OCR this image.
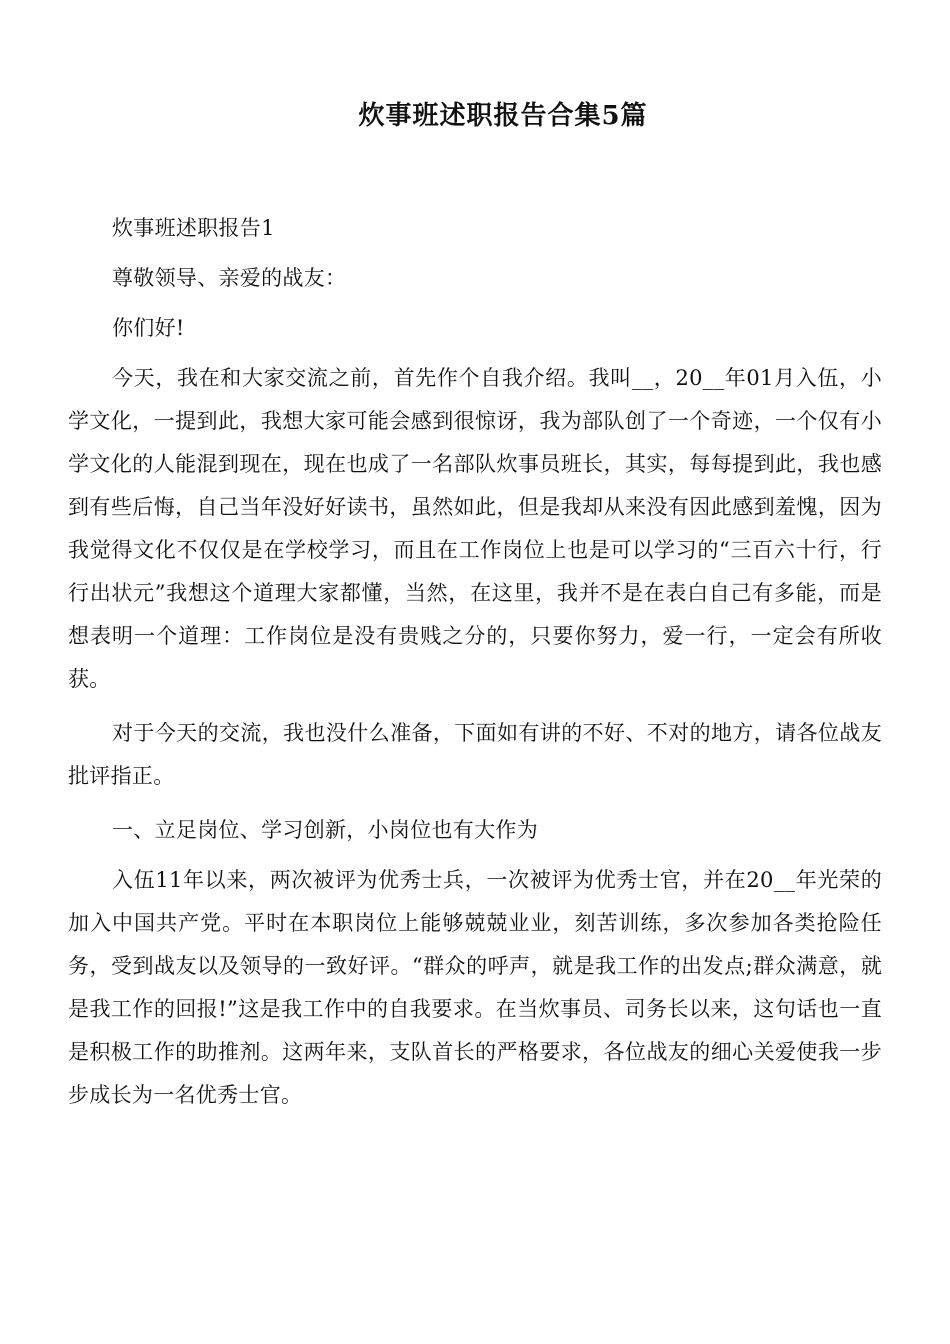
炊事班述职报告合集5篇

炊事班述职报告1

尊敬领导、亲爱的战友：

你们好!

今天，我在和大家交流之前，首先作个自我介绍。我叫__，20__年01月入伍，小学文化，一提到此，我想大家可能会感到很惊讶，我为部队创了一个奇迹，一个仅有小学文化的人能混到现在，现在也成了一名部队炊事员班长，其实，每每提到此，我也感到有些后悔，自己当年没好好读书，虽然如此，但是我却从来没有因此感到羞愧，因为我觉得文化不仅仅是在学校学习，而且在工作岗位上也是可以学习的“三百六十行，行行出状元”我想这个道理大家都懂，当然，在这里，我并不是在表白自己有多能，而是想表明一个道理：工作岗位是没有贵贱之分的，只要你努力，爱一行，一定会有所收获。

对于今天的交流，我也没什么准备，下面如有讲的不好、不对的地方，请各位战友批评指正。

一、立足岗位、学习创新，小岗位也有大作为

入伍11年以来，两次被评为优秀士兵，一次被评为优秀士官，并在20__年光荣的加入中国共产党。平时在本职岗位上能够兢兢业业，刻苦训练，多次参加各类抢险任务，受到战友以及领导的一致好评。“群众的呼声，就是我工作的出发点;群众满意，就是我工作的回报!”这是我工作中的自我要求。在当炊事员、司务长以来，这句话也一直是积极工作的助推剂。这两年来，支队首长的严格要求，各位战友的细心关爱使我一步步成长为一名优秀士官。
